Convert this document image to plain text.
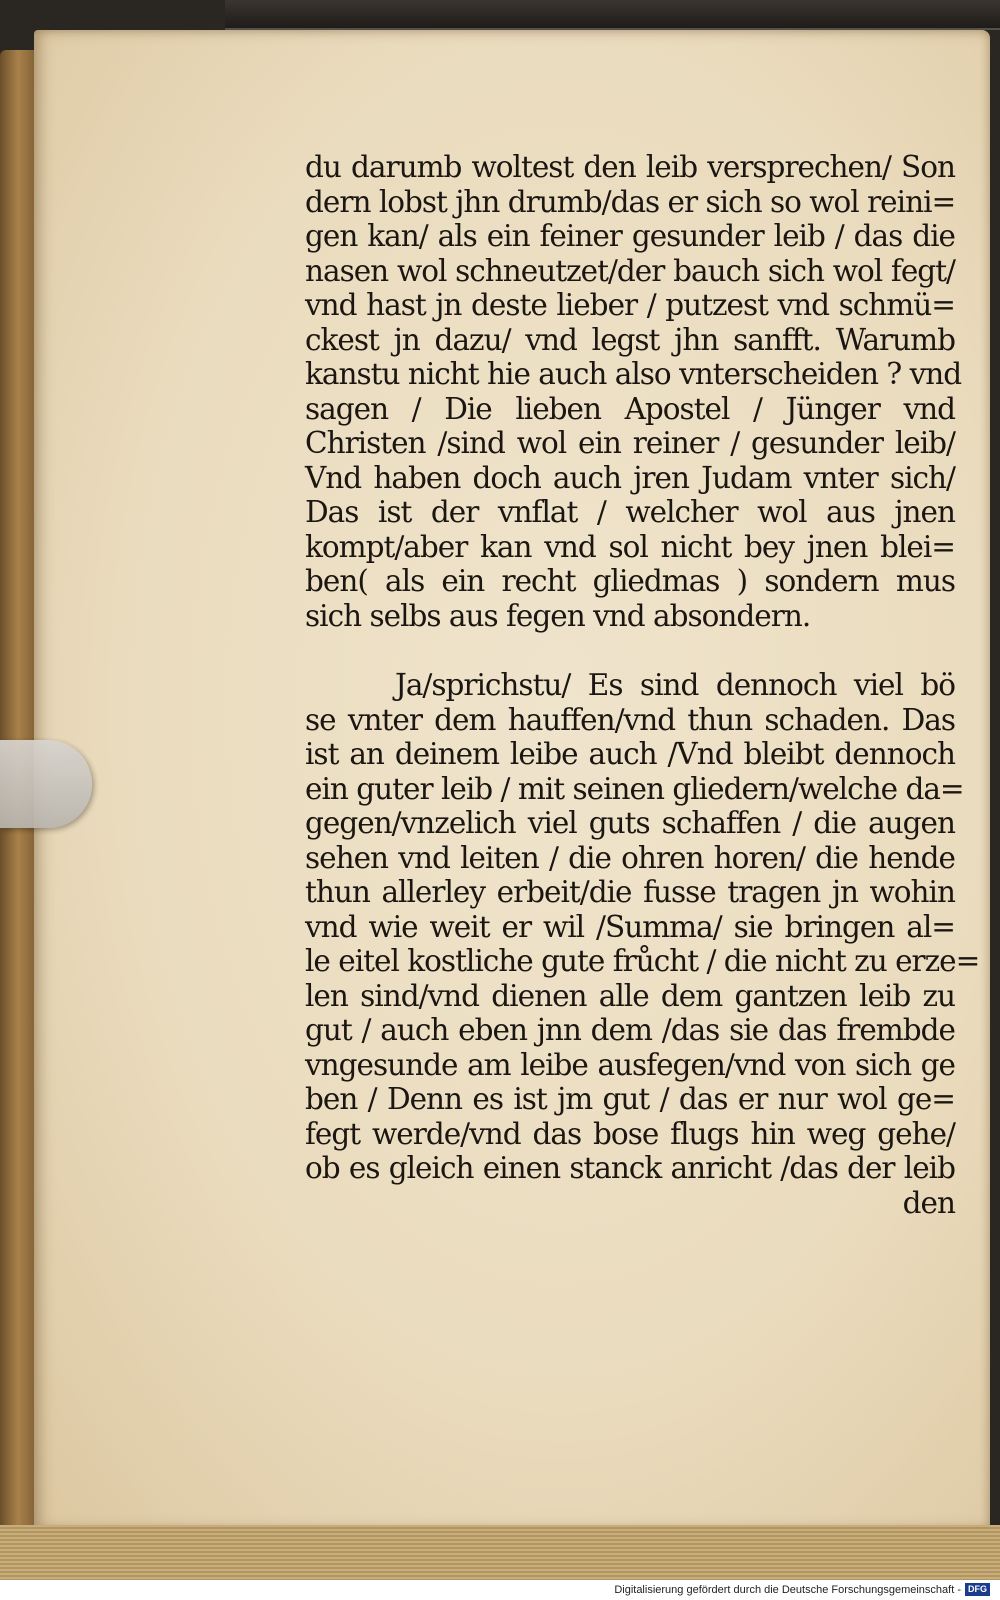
du darumb woltest den leib versprechen/ Son
dern lobst jhn drumb/das er sich so wol reini=
gen kan/ als ein feiner gesunder leib / das die
nasen wol schneutzet/der bauch sich wol fegt/
vnd hast jn deste lieber / putzest vnd schmü=
ckest jn dazu/ vnd legst jhn sanfft. Warumb
kanstu nicht hie auch also vnterscheiden ? vnd
sagen / Die lieben Apostel / Jünger vnd
Christen /sind wol ein reiner / gesunder leib/
Vnd haben doch auch jren Judam vnter sich/
Das ist der vnflat / welcher wol aus jnen
kompt/aber kan vnd sol nicht bey jnen blei=
ben( als ein recht gliedmas ) sondern mus
sich selbs aus fegen vnd absondern.
Ja/sprichstu/ Es sind dennoch viel bö
se vnter dem hauffen/vnd thun schaden. Das
ist an deinem leibe auch /Vnd bleibt dennoch
ein guter leib / mit seinen gliedern/welche da=
gegen/vnzelich viel guts schaffen / die augen
sehen vnd leiten / die ohren horen/ die hende
thun allerley erbeit/die fusse tragen jn wohin
vnd wie weit er wil /Summa/ sie bringen al=
le eitel kostliche gute frůcht / die nicht zu erze=
len sind/vnd dienen alle dem gantzen leib zu
gut / auch eben jnn dem /das sie das frembde
vngesunde am leibe ausfegen/vnd von sich ge
ben / Denn es ist jm gut / das er nur wol ge=
fegt werde/vnd das bose flugs hin weg gehe/
ob es gleich einen stanck anricht /das der leib
den
Digitalisierung gefördert durch die Deutsche Forschungsgemeinschaft - DFG
